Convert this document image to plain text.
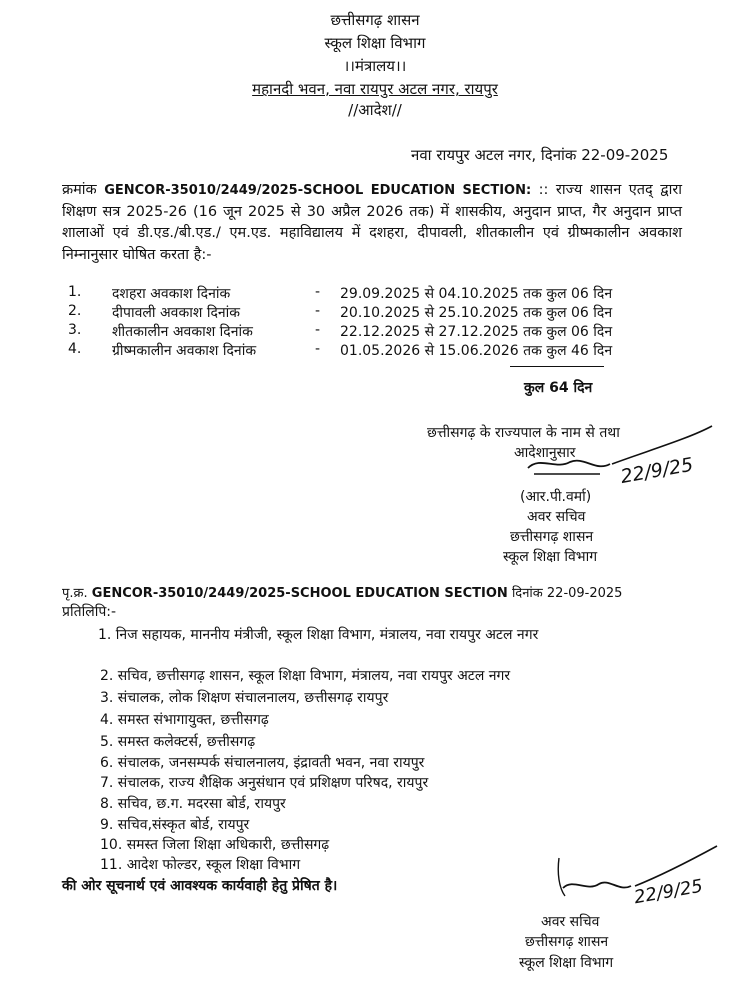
छत्तीसगढ़ शासन
स्कूल शिक्षा विभाग
।।मंत्रालय।।
महानदी भवन, नवा रायपुर अटल नगर, रायपुर
//आदेश//
नवा रायपुर अटल नगर, दिनांक 22-09-2025
क्रमांक GENCOR-35010/2449/2025-SCHOOL EDUCATION SECTION: :: राज्य शासन एतद् द्वारा शिक्षण सत्र 2025-26 (16 जून 2025 से 30 अप्रैल 2026 तक) में शासकीय, अनुदान प्राप्त, गैर अनुदान प्राप्त शालाओं एवं डी.एड./बी.एड./ एम.एड. महाविद्यालय में दशहरा, दीपावली, शीतकालीन एवं ग्रीष्मकालीन अवकाश निम्नानुसार घोषित करता है:-
1. दशहरा अवकाश दिनांक	- 29.09.2025 से 04.10.2025 तक कुल 06 दिन
2. दीपावली अवकाश दिनांक	- 20.10.2025 से 25.10.2025 तक कुल 06 दिन
3. शीतकालीन अवकाश दिनांक	- 22.12.2025 से 27.12.2025 तक कुल 06 दिन
4. ग्रीष्मकालीन अवकाश दिनांक	- 01.05.2026 से 15.06.2026 तक कुल 46 दिन
कुल 64 दिन
छत्तीसगढ़ के राज्यपाल के नाम से तथा
आदेशानुसार
22/9/25
(आर.पी.वर्मा)
अवर सचिव
छत्तीसगढ़ शासन
स्कूल शिक्षा विभाग
पृ.क्र. GENCOR-35010/2449/2025-SCHOOL EDUCATION SECTION दिनांक 22-09-2025
प्रतिलिपि:-
1. निज सहायक, माननीय मंत्रीजी, स्कूल शिक्षा विभाग, मंत्रालय, नवा रायपुर अटल नगर
2. सचिव, छत्तीसगढ़ शासन, स्कूल शिक्षा विभाग, मंत्रालय, नवा रायपुर अटल नगर
3. संचालक, लोक शिक्षण संचालनालय, छत्तीसगढ़ रायपुर
4. समस्त संभागायुक्त, छत्तीसगढ़
5. समस्त कलेक्टर्स, छत्तीसगढ़
6. संचालक, जनसम्पर्क संचालनालय, इंद्रावती भवन, नवा रायपुर
7. संचालक, राज्य शैक्षिक अनुसंधान एवं प्रशिक्षण परिषद, रायपुर
8. सचिव, छ.ग. मदरसा बोर्ड, रायपुर
9. सचिव,संस्कृत बोर्ड, रायपुर
10. समस्त जिला शिक्षा अधिकारी, छत्तीसगढ़
11. आदेश फोल्डर, स्कूल शिक्षा विभाग
की ओर सूचनार्थ एवं आवश्यक कार्यवाही हेतु प्रेषित है।	22/9/25
अवर सचिव
छत्तीसगढ़ शासन
स्कूल शिक्षा विभाग
